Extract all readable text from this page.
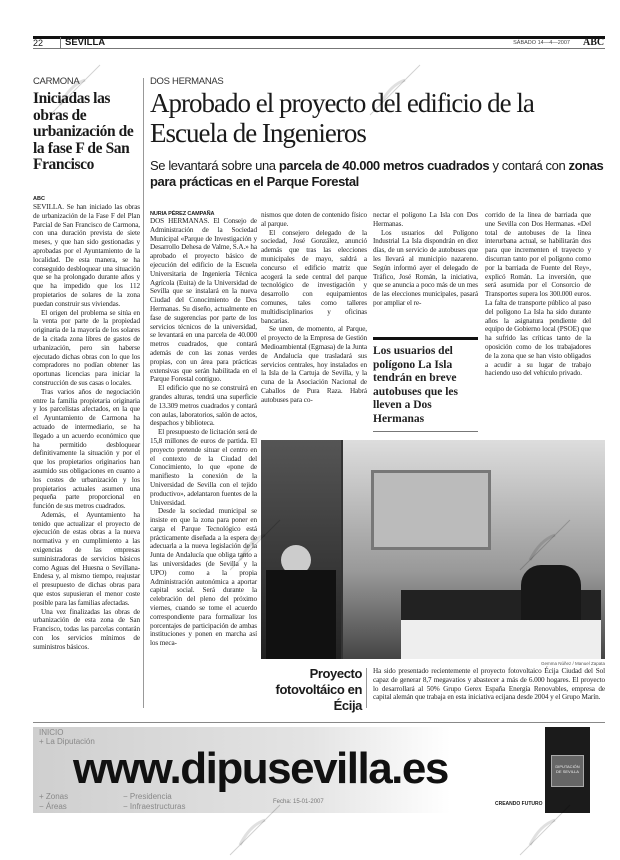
22	SEVILLA	SÁBADO 14—4—2007 ABC
CARMONA
Iniciadas las obras de urbanización de la fase F de San Francisco
ABC

SEVILLA. Se han iniciado las obras de urbanización de la Fase F del Plan Parcial de San Francisco de Carmona, con una duración prevista de siete meses, y que han sido gestionadas y aprobadas por el Ayuntamiento de la localidad. De esta manera, se ha conseguido desbloquear una situación que se ha prolongado durante años y que ha impedido que los 112 propietarios de solares de la zona puedan construir sus viviendas.

El origen del problema se sitúa en la venta por parte de la propiedad originaria de la mayoría de los solares de la citada zona libres de gastos de urbanización, pero sin haberse ejecutado dichas obras con lo que los compradores no podían obtener las oportunas licencias para iniciar la construcción de sus casas o locales.

Tras varios años de negociación entre la familia propietaria originaria y los parcelistas afectados, en la que el Ayuntamiento de Carmona ha actuado de intermediario, se ha llegado a un acuerdo económico que ha permitido desbloquear definitivamente la situación y por el que los propietarios originarios han asumido sus obligaciones en cuanto a los costes de urbanización y los propietarios actuales asumen una pequeña parte proporcional en función de sus metros cuadrados.

Además, el Ayuntamiento ha tenido que actualizar el proyecto de ejecución de estas obras a la nueva normativa y en cumplimiento a las exigencias de las empresas suministradoras de servicios básicos como Aguas del Huesna o Sevillana-Endesa y, al mismo tiempo, reajustar el presupuesto de dichas obras para que estos supusieran el menor coste posible para las familias afectadas.

Una vez finalizadas las obras de urbanización de esta zona de San Francisco, todas las parcelas contarán con los servicios mínimos de suministros básicos.

DOS HERMANAS
Aprobado el proyecto del edificio de la Escuela de Ingenieros
Se levantará sobre una parcela de 40.000 metros cuadrados y contará con zonas para prácticas en el Parque Forestal
NURIA PÉREZ CAMPAÑA

DOS HERMANAS. El Consejo de Administración de la Sociedad Municipal «Parque de Investigación y Desarrollo Dehesa de Valme, S.A.» ha aprobado el proyecto básico de ejecución del edificio de la Escuela Universitaria de Ingeniería Técnica Agrícola (Euita) de la Universidad de Sevilla que se instalará en la nueva Ciudad del Conocimiento de Dos Hermanas. Su diseño, actualmente en fase de sugerencias por parte de los servicios técnicos de la universidad, se levantará en una parcela de 40.000 metros cuadrados, que contará además de con las zonas verdes propias, con un área para prácticas extensivas que serán habilitada en el Parque Forestal contiguo.

El edificio que no se construirá en grandes alturas, tendrá una superficie de 13.309 metros cuadrados y contará con aulas, laboratorios, salón de actos, despachos y biblioteca.

El presupuesto de licitación será de 15,8 millones de euros de partida. El proyecto pretende situar el centro en el contexto de la Ciudad del Conocimiento, lo que «pone de manifiesto la conexión de la Universidad de Sevilla con el tejido productivo», adelantaron fuentes de la Universidad.

Desde la sociedad municipal se insiste en que la zona para poner en carga el Parque Tecnológico está prácticamente diseñada a la espera de adecuarla a la nueva legislación de la Junta de Andalucía que obliga tanto a las universidades (de Sevilla y la UPO) como a la propia Administración autonómica a aportar capital social. Será durante la celebración del pleno del próximo viernes, cuando se tome el acuerdo correspondiente para formalizar los porcentajes de participación de ambas instituciones y ponen en marcha así los meca-

nismos que doten de contenido físico al parque.

El consejero delegado de la sociedad, José González, anunció además que tras las elecciones municipales de mayo, saldrá a concurso el edificio matriz que acogerá la sede central del parque tecnológico de investigación y desarrollo con equipamientos comunes, tales como talleres multidisciplinarios y oficinas bancarias.

Se unen, de momento, al Parque, el proyecto de la Empresa de Gestión Medioambiental (Egmasa) de la Junta de Andalucía que trasladará sus servicios centrales, hoy instalados en la Isla de la Cartuja de Sevilla, y la cuna de la Asociación Nacional de Caballos de Pura Raza. Habrá autobuses para co-

nectar el polígono La Isla con Dos Hermanas.

Los usuarios del Polígono Industrial La Isla dispondrán en diez días, de un servicio de autobuses que les llevará al municipio nazareno. Según informó ayer el delegado de Tráfico, José Román, la iniciativa, que se anuncia a poco más de un mes de las elecciones municipales, pasará por ampliar el re-

Los usuarios del polígono La Isla tendrán en breve autobuses que les lleven a Dos Hermanas

corrido de la línea de barriada que une Sevilla con Dos Hermanas. «Del total de autobuses de la línea interurbana actual, se habilitarán dos para que incrementen el trayecto y discurran tanto por el polígono como por la barriada de Fuente del Rey», explicó Román. La inversión, que será asumida por el Consorcio de Transportes supera los 300.000 euros. La falta de transporte público al paso del polígono La Isla ha sido durante años la asignatura pendiente del equipo de Gobierno local (PSOE) que ha sufrido las críticas tanto de la oposición como de los trabajadores de la zona que se han visto obligados a acudir a su lugar de trabajo haciendo uso del vehículo privado.

Gemma Núñez / Manuel Zapata
Proyecto fotovoltáico en Écija
Ha sido presentado recientemente el proyecto fotovoltaico Écija Ciudad del Sol capaz de generar 8,7 megavatios y abastecer a más de 6.000 hogares. El proyecto lo desarrollará al 50% Grupo Gerex España Energía Renovables, empresa de capital alemán que trabaja en esta iniciativa ecijana desde 2004 y el Grupo Marín.
INICIO
+ La Diputación
+ Zonas
− Áreas
− Presidencia
− Infraestructuras	Fecha: 15-01-2007
www.dipusevilla.es
CREANDO FUTURO
DIPUTACIÓN DE SEVILLA
